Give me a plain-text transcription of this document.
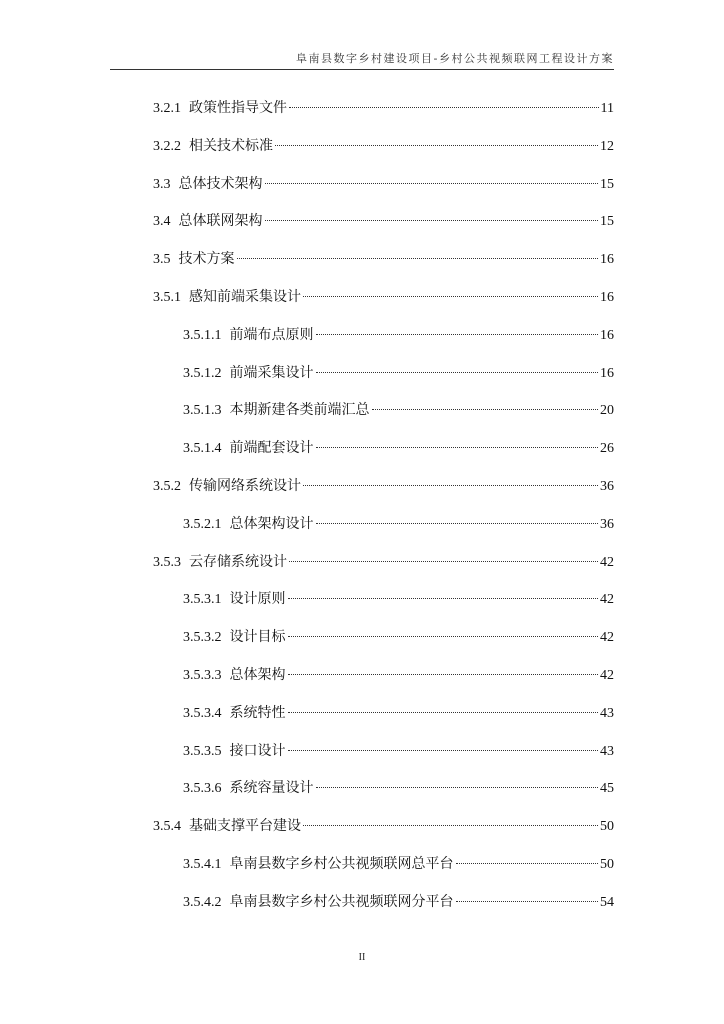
阜南县数字乡村建设项目-乡村公共视频联网工程设计方案
3.2.1 政策性指导文件	11
3.2.2 相关技术标准	12
3.3 总体技术架构	15
3.4 总体联网架构	15
3.5 技术方案	16
3.5.1 感知前端采集设计	16
3.5.1.1 前端布点原则	16
3.5.1.2 前端采集设计	16
3.5.1.3 本期新建各类前端汇总	20
3.5.1.4 前端配套设计	26
3.5.2 传输网络系统设计	36
3.5.2.1 总体架构设计	36
3.5.3 云存储系统设计	42
3.5.3.1 设计原则	42
3.5.3.2 设计目标	42
3.5.3.3 总体架构	42
3.5.3.4 系统特性	43
3.5.3.5 接口设计	43
3.5.3.6 系统容量设计	45
3.5.4 基础支撑平台建设	50
3.5.4.1 阜南县数字乡村公共视频联网总平台	50
3.5.4.2 阜南县数字乡村公共视频联网分平台	54
II
